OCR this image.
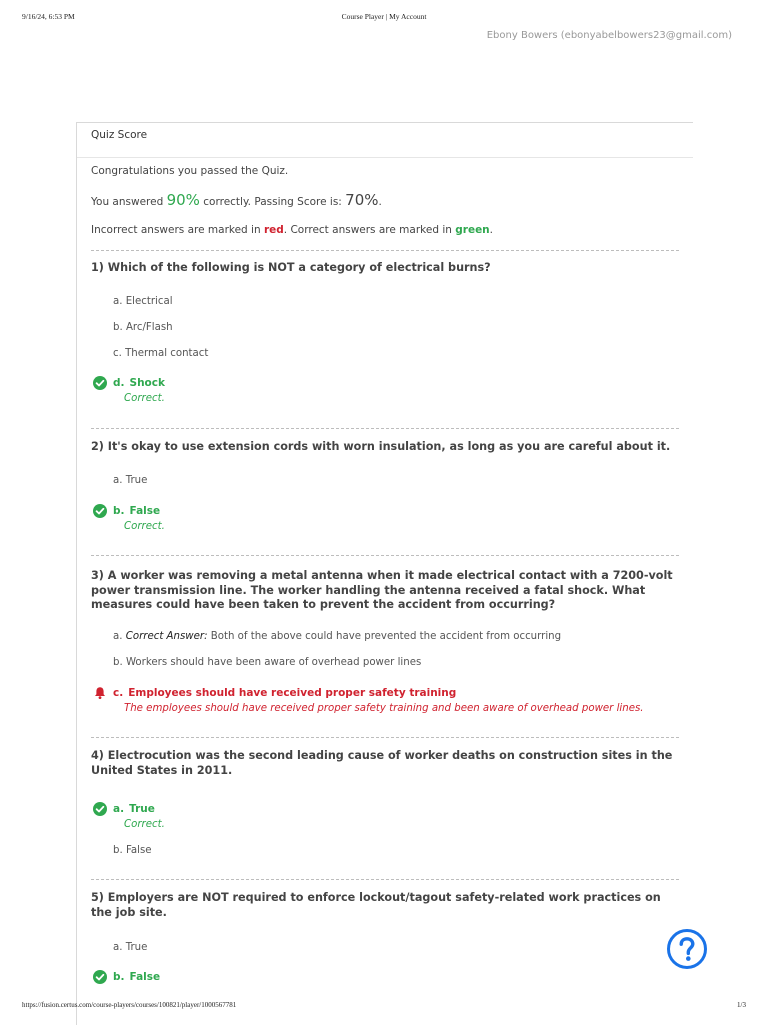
9/16/24, 6:53 PM	Course Player | My Account
Ebony Bowers (ebonyabelbowers23@gmail.com)
Quiz Score
Congratulations you passed the Quiz.
You answered 90% correctly. Passing Score is: 70%.
Incorrect answers are marked in red. Correct answers are marked in green.
1) Which of the following is NOT a category of electrical burns?
a. Electrical
b. Arc/Flash
c. Thermal contact
d. Shock
Correct.
2) It's okay to use extension cords with worn insulation, as long as you are careful about it.
a. True
b. False
Correct.
3) A worker was removing a metal antenna when it made electrical contact with a 7200-volt power transmission line. The worker handling the antenna received a fatal shock. What measures could have been taken to prevent the accident from occurring?
a. Correct Answer: Both of the above could have prevented the accident from occurring
b. Workers should have been aware of overhead power lines
c. Employees should have received proper safety training
The employees should have received proper safety training and been aware of overhead power lines.
4) Electrocution was the second leading cause of worker deaths on construction sites in the United States in 2011.
a. True
Correct.
b. False
5) Employers are NOT required to enforce lockout/tagout safety-related work practices on the job site.
a. True
b. False
https://fusion.certus.com/course-players/courses/100821/player/1000567781	1/3
